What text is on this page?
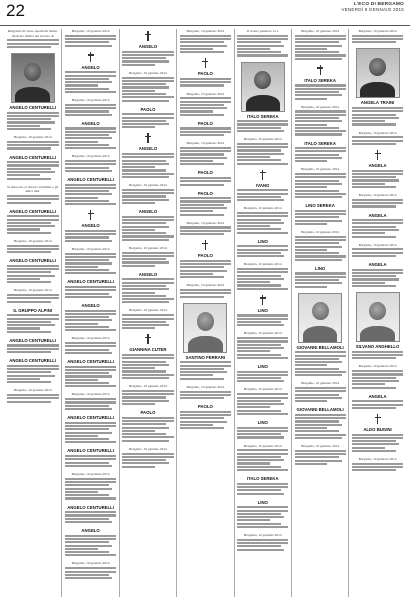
22	L'ECO DI BERGAMO
VENERDÌ 9 GENNAIO 2015
Ringrazio di cuore quanti mi hanno mostrato affetto nel ricordo di
ANGELO CENTURELLI
Bergamo, 10 gennaio 2014
ANGELO CENTURELLI
Si uniscono al dolore i familiari e gli amici tutti.
ANGELO CENTURELLI
Bergamo, 10 gennaio 2014
ANGELO CENTURELLI
Bergamo, 10 gennaio 2014
IL GRUPPO ALPINI
ANGELO CENTURELLI
ANGELO CENTURELLI
Bergamo, 10 gennaio 2014
Bergamo, 10 gennaio 2014
ANGELO
Bergamo, 10 gennaio 2014
ANGELO
Bergamo, 10 gennaio 2014
ANGELO CENTURELLI
ANGELO
Bergamo, 10 gennaio 2014
ANGELO CENTURELLI
ANGELO
Bergamo, 10 gennaio 2014
ANGELO CENTURELLI
Bergamo, 10 gennaio 2014
ANGELO CENTURELLI
ANGELO CENTURELLI
Bergamo, 10 gennaio 2014
ANGELO CENTURELLI
ANGELO
Bergamo, 10 gennaio 2014
ANGELO
Bergamo, 10 gennaio 2014
PAOLO
ANGELO
Bergamo, 10 gennaio 2014
ANGELO
Bergamo, 10 gennaio 2014
ANGELO
Bergamo, 10 gennaio 2014
GIANNINA CUTER
Bergamo, 10 gennaio 2014
PAOLO
Bergamo, 10 gennaio 2014
Bergamo, 10 gennaio 2014
PAOLO
Bergamo, 10 gennaio 2014
PAOLO
Bergamo, 10 gennaio 2014
PAOLO
PAOLO
Bergamo, 10 gennaio 2014
PAOLO
Bergamo, 10 gennaio 2014
SANTINO FERRARI
Bergamo, 10 gennaio 2014
PAOLO
Il nostro pensiero va a
ITALO SEREKA
Bergamo, 10 gennaio 2014
IVANO
Bergamo, 10 gennaio 2014
LINO
Bergamo, 10 gennaio 2014
LINO
Bergamo, 10 gennaio 2014
LINO
Bergamo, 10 gennaio 2014
LINO
Bergamo, 10 gennaio 2014
ITALO SEREKA
LINO
Bergamo, 10 gennaio 2014
Bergamo, 10 gennaio 2014
ITALO SEREKA
Bergamo, 10 gennaio 2014
ITALO SEREKA
Bergamo, 10 gennaio 2014
LINO SEREKA
Bergamo, 10 gennaio 2014
LINO
GIOVANNI BELLAMOLI
Bergamo, 10 gennaio 2014
GIOVANNI BELLAMOLI
Bergamo, 10 gennaio 2014
Bergamo, 10 gennaio 2014
ANGELA TRAINI
Bergamo, 10 gennaio 2014
ANGELA
Bergamo, 10 gennaio 2014
ANGELA
Bergamo, 10 gennaio 2014
ANGELA
SILVANO ANGHELLO
Bergamo, 10 gennaio 2014
ANGELA
ALDO BUGINI
Bergamo, 10 gennaio 2014
